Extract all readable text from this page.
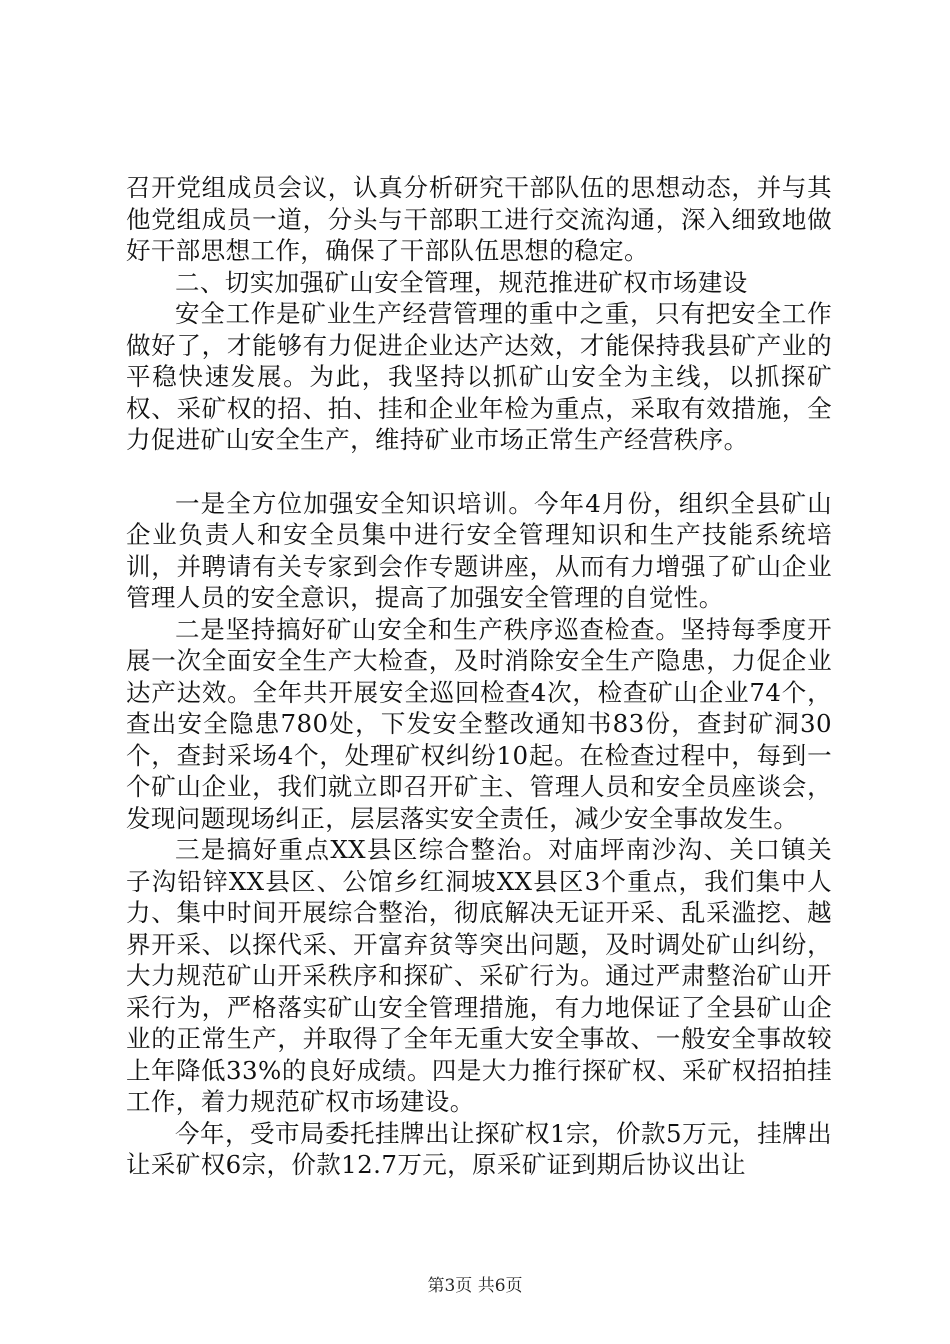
召开党组成员会议，认真分析研究干部队伍的思想动态，并与其他党组成员一道，分头与干部职工进行交流沟通，深入细致地做好干部思想工作，确保了干部队伍思想的稳定。

二、切实加强矿山安全管理，规范推进矿权市场建设

安全工作是矿业生产经营管理的重中之重，只有把安全工作做好了，才能够有力促进企业达产达效，才能保持我县矿产业的平稳快速发展。为此，我坚持以抓矿山安全为主线，以抓探矿权、采矿权的招、拍、挂和企业年检为重点，采取有效措施，全力促进矿山安全生产，维持矿业市场正常生产经营秩序。

一是全方位加强安全知识培训。今年4月份，组织全县矿山企业负责人和安全员集中进行安全管理知识和生产技能系统培训，并聘请有关专家到会作专题讲座，从而有力增强了矿山企业管理人员的安全意识，提高了加强安全管理的自觉性。

二是坚持搞好矿山安全和生产秩序巡查检查。坚持每季度开展一次全面安全生产大检查，及时消除安全生产隐患，力促企业达产达效。全年共开展安全巡回检查4次，检查矿山企业74个，查出安全隐患780处，下发安全整改通知书83份，查封矿洞30个，查封采场4个，处理矿权纠纷10起。在检查过程中，每到一个矿山企业，我们就立即召开矿主、管理人员和安全员座谈会，发现问题现场纠正，层层落实安全责任，减少安全事故发生。

三是搞好重点XX县区综合整治。对庙坪南沙沟、关口镇关子沟铅锌XX县区、公馆乡红洞坡XX县区3个重点，我们集中人力、集中时间开展综合整治，彻底解决无证开采、乱采滥挖、越界开采、以探代采、开富弃贫等突出问题，及时调处矿山纠纷，大力规范矿山开采秩序和探矿、采矿行为。通过严肃整治矿山开采行为，严格落实矿山安全管理措施，有力地保证了全县矿山企业的正常生产，并取得了全年无重大安全事故、一般安全事故较上年降低33%的良好成绩。四是大力推行探矿权、采矿权招拍挂工作，着力规范矿权市场建设。

今年，受市局委托挂牌出让探矿权1宗，价款5万元，挂牌出让采矿权6宗，价款12.7万元，原采矿证到期后协议出让

第3页 共6页
